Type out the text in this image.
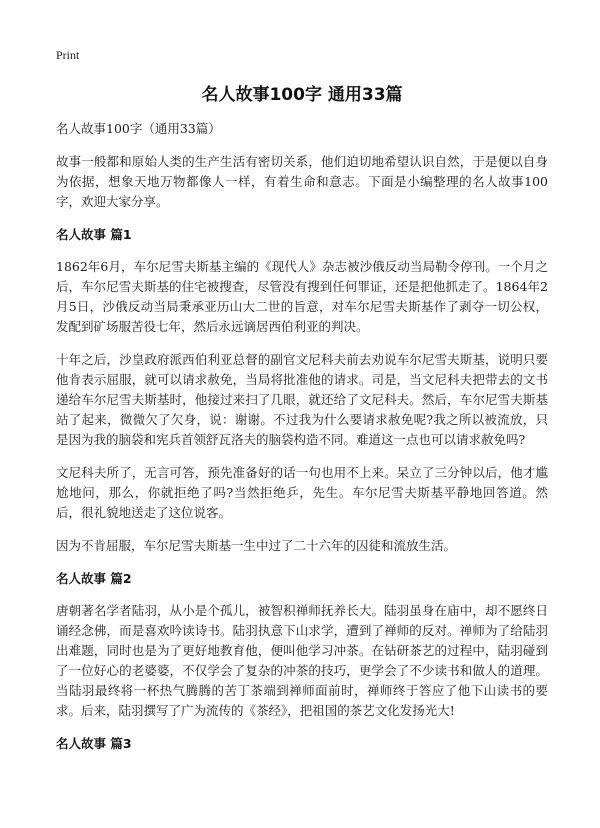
Print
名人故事100字 通用33篇

名人故事100字（通用33篇）

故事一般都和原始人类的生产生活有密切关系，他们迫切地希望认识自然，于是便以自身为依据，想象天地万物都像人一样，有着生命和意志。下面是小编整理的名人故事100字，欢迎大家分享。

名人故事 篇1

1862年6月，车尔尼雪夫斯基主编的《现代人》杂志被沙俄反动当局勒令停刊。一个月之后，车尔尼雪夫斯基的住宅被搜查，尽管没有搜到任何罪证，还是把他抓走了。1864年2月5日，沙俄反动当局秉承亚历山大二世的旨意，对车尔尼雪夫斯基作了剥夺一切公权，发配到矿场服苦役七年，然后永远谪居西伯利亚的判决。

十年之后，沙皇政府派西伯利亚总督的副官文尼科夫前去劝说车尔尼雪夫斯基，说明只要他肯表示屈服，就可以请求赦免，当局将批准他的请求。司是，当文尼科夫把带去的文书递给车尔尼雪夫斯基时，他接过来扫了几眼，就还给了文尼科夫。然后，车尔尼雪夫斯基站了起来，微微欠了欠身，说：谢谢。不过我为什么要请求赦免呢?我之所以被流放，只是因为我的脑袋和宪兵首领舒瓦洛夫的脑袋构造不同。难道这一点也可以请求赦免吗?

文尼科夫所了，无言可答，预先准备好的话一句也用不上来。呆立了三分钟以后，他才尴尬地问，那么，你就拒绝了吗?当然拒绝乒，先生。车尔尼雪夫斯基平静地回答道。然后，很礼貌地送走了这位说客。

因为不肯屈服，车尔尼雪夫斯基一生中过了二十六年的囚徒和流放生活。

名人故事 篇2

唐朝著名学者陆羽，从小是个孤儿，被智积禅师抚养长大。陆羽虽身在庙中，却不愿终日诵经念佛，而是喜欢吟读诗书。陆羽执意下山求学，遭到了禅师的反对。禅师为了给陆羽出难题，同时也是为了更好地教育他，便叫他学习冲茶。在钻研茶艺的过程中，陆羽碰到了一位好心的老婆婆，不仅学会了复杂的冲茶的技巧，更学会了不少读书和做人的道理。当陆羽最终将一杯热气腾腾的苦丁茶端到禅师面前时，禅师终于答应了他下山读书的要求。后来，陆羽撰写了广为流传的《茶经》，把祖国的茶艺文化发扬光大!

名人故事 篇3
